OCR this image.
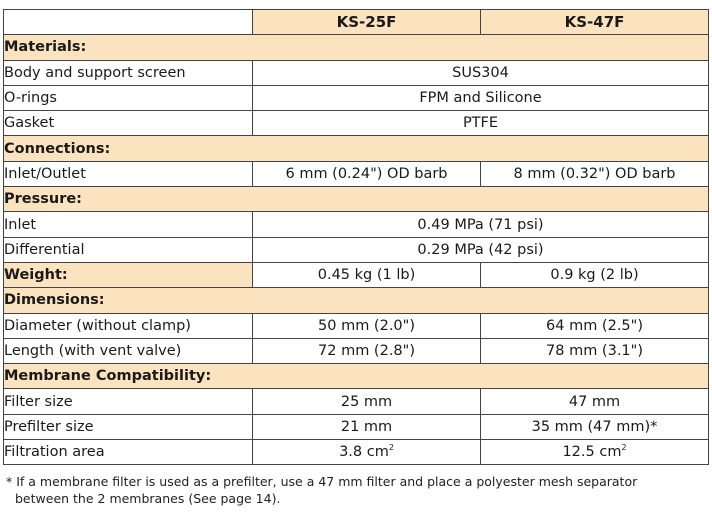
	KS-25F	KS-47F
Materials:		
Body and support screen	SUS304	
O-rings	FPM and Silicone	
Gasket	PTFE	
Connections:		
Inlet/Outlet	6 mm (0.24") OD barb	8 mm (0.32") OD barb
Pressure:		
Inlet	0.49 MPa (71 psi)	
Differential	0.29 MPa (42 psi)	
Weight:	0.45 kg (1 lb)	0.9 kg (2 lb)
Dimensions:		
Diameter (without clamp)	50 mm (2.0")	64 mm (2.5")
Length (with vent valve)	72 mm (2.8")	78 mm (3.1")
Membrane Compatibility:		
Filter size	25 mm	47 mm
Prefilter size	21 mm	35 mm (47 mm)*
Filtration area	3.8 $cm^2$	12.5 $cm^2$
* If a membrane filter is used as a prefilter, use a 47 mm filter and place a polyester mesh separator
between the 2 membranes (See page 14).
